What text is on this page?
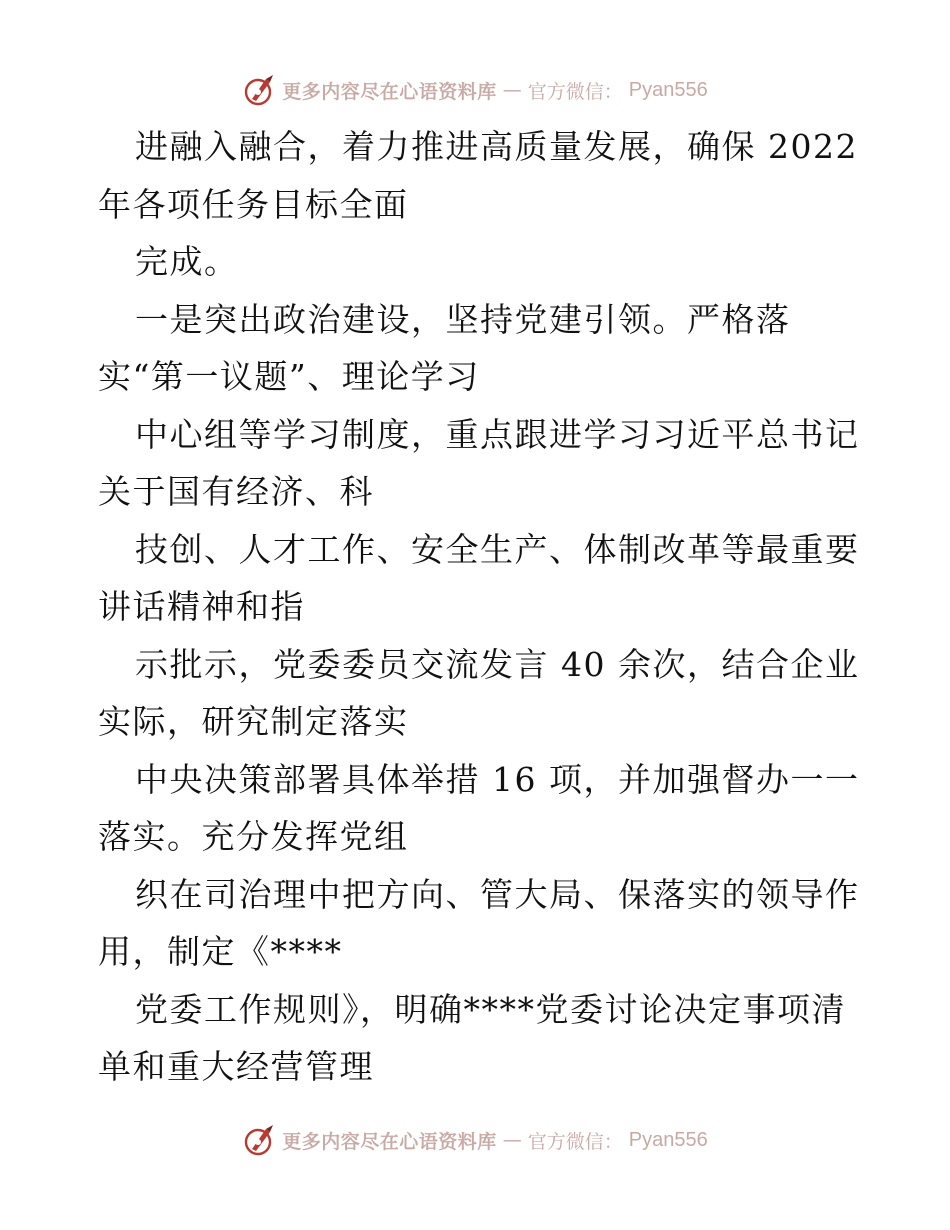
更多内容尽在心语资料库 — 官方微信： Pyan556
进融入融合，着力推进高质量发展，确保 2022
年各项任务目标全面
完成。
一是突出政治建设，坚持党建引领。严格落
实“第一议题”、理论学习
中心组等学习制度，重点跟进学习习近平总书记
关于国有经济、科
技创、人才工作、安全生产、体制改革等最重要
讲话精神和指
示批示，党委委员交流发言 40 余次，结合企业
实际，研究制定落实
中央决策部署具体举措 16 项，并加强督办一一
落实。充分发挥党组
织在司治理中把方向、管大局、保落实的领导作
用，制定《****
党委工作规则》，明确****党委讨论决定事项清
单和重大经营管理
更多内容尽在心语资料库 — 官方微信： Pyan556
